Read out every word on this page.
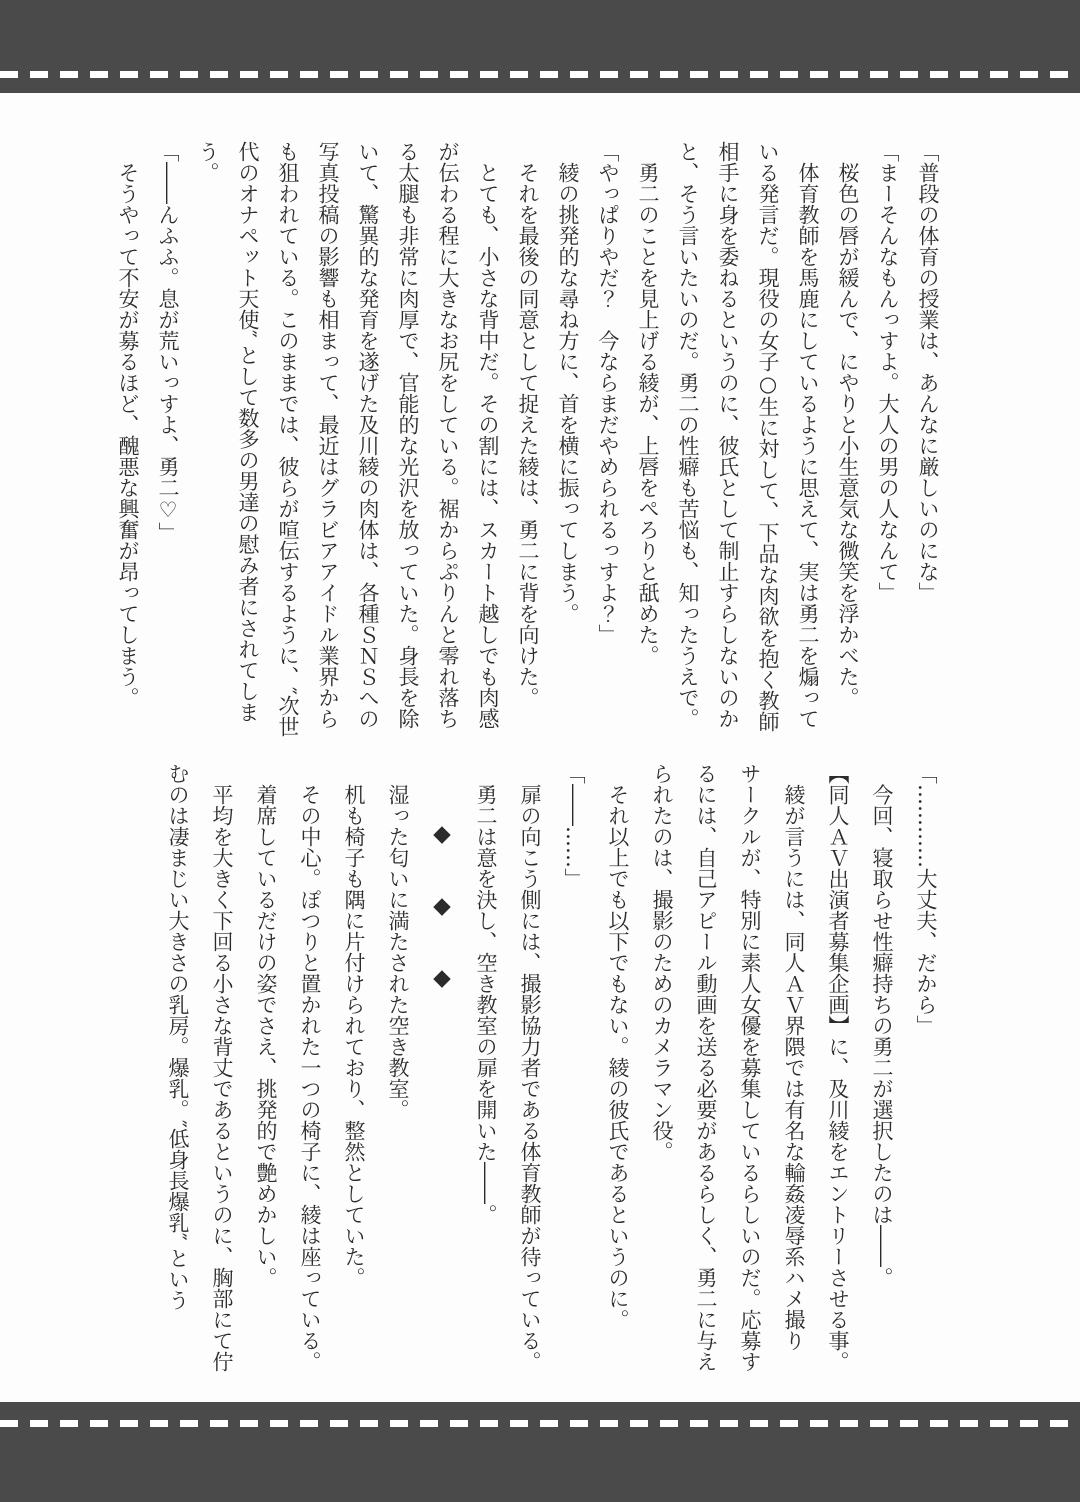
「普段の体育の授業は、あんなに厳しいのにな」

「まーそんなもんっすよ。大人の男の人なんて」

桜色の唇が緩んで、にやりと小生意気な微笑を浮かべた。

体育教師を馬鹿にしているように思えて、実は勇二を煽っている発言だ。現役の女子○生に対して、下品な肉欲を抱く教師相手に身を委ねるというのに、彼氏として制止すらしないのかと、そう言いたいのだ。勇二の性癖も苦悩も、知ったうえで。

勇二のことを見上げる綾が、上唇をぺろりと舐めた。

「やっぱりやだ？　今ならまだやめられるっすよ？」

綾の挑発的な尋ね方に、首を横に振ってしまう。

それを最後の同意として捉えた綾は、勇二に背を向けた。

とても、小さな背中だ。その割には、スカート越しでも肉感が伝わる程に大きなお尻をしている。裾からぷりんと零れ落ちる太腿も非常に肉厚で、官能的な光沢を放っていた。身長を除いて、驚異的な発育を遂げた及川綾の肉体は、各種ＳＮＳへの写真投稿の影響も相まって、最近はグラビアアイドル業界からも狙われている。このままでは、彼らが喧伝するように、″次世代のオナペット天使″ として数多の男達の慰み者にされてしまう。

「――んふふ。息が荒いっすよ、勇二♡」

そうやって不安が募るほど、醜悪な興奮が昂ってしまう。

「…………大丈夫、だから」

今回、寝取らせ性癖持ちの勇二が選択したのは――。

【同人ＡＶ出演者募集企画】に、及川綾をエントリーさせる事。

綾が言うには、同人ＡＶ界隈では有名な輪姦凌辱系ハメ撮りサークルが、特別に素人女優を募集しているらしいのだ。応募するには、自己アピール動画を送る必要があるらしく、勇二に与えられたのは、撮影のためのカメラマン役。

それ以上でも以下でもない。綾の彼氏であるというのに。

「――……」

扉の向こう側には、撮影協力者である体育教師が待っている。

勇二は意を決し、空き教室の扉を開いた――。

◆　　◆　　◆

湿った匂いに満たされた空き教室。

机も椅子も隅に片付けられており、整然としていた。

その中心。ぽつりと置かれた一つの椅子に、綾は座っている。

着席しているだけの姿でさえ、挑発的で艶めかしい。

平均を大きく下回る小さな背丈であるというのに、胸部にて佇むのは凄まじい大きさの乳房。爆乳。″低身長爆乳″ という
